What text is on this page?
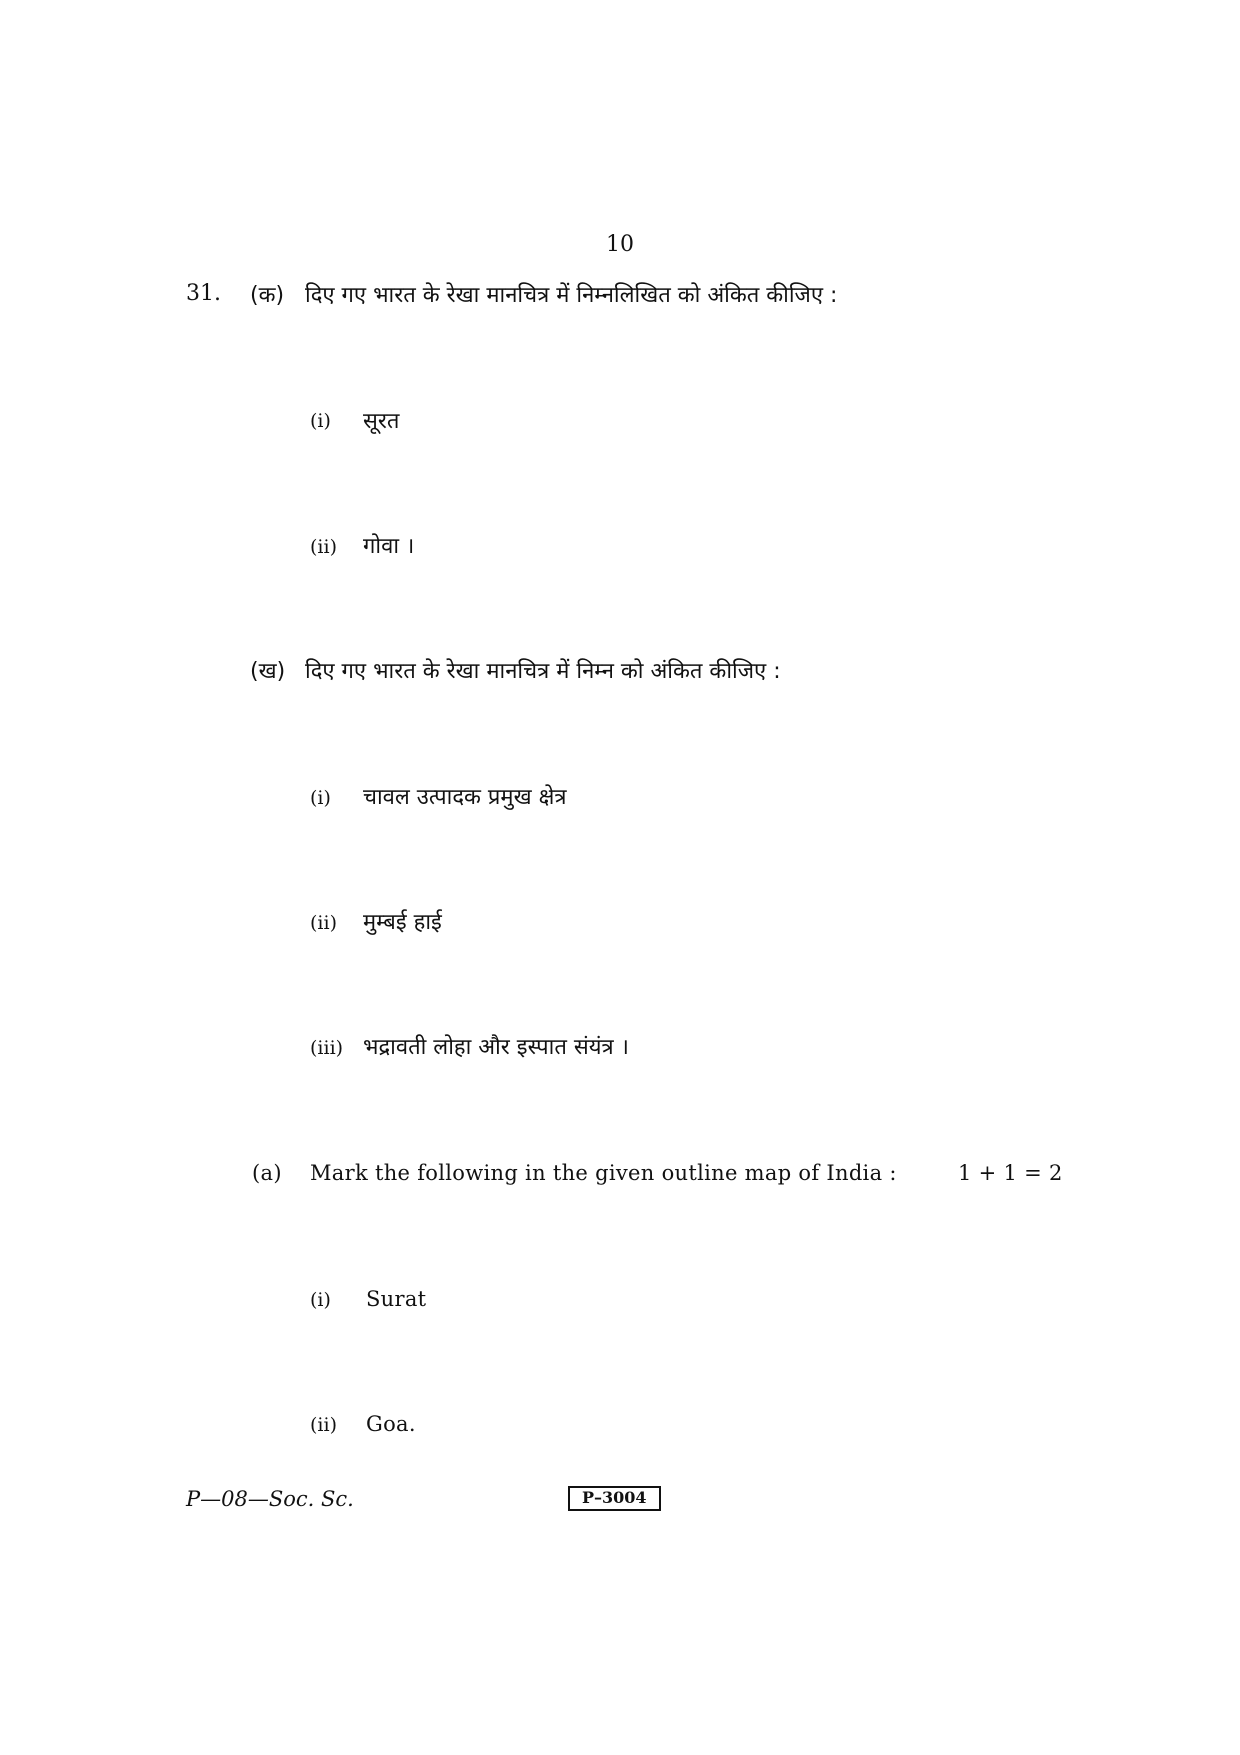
10
31. (क) दिए गए भारत के रेखा मानचित्र में निम्नलिखित को अंकित कीजिए :
(i) सूरत
(ii) गोवा ।
(ख) दिए गए भारत के रेखा मानचित्र में निम्न को अंकित कीजिए :
(i) चावल उत्पादक प्रमुख क्षेत्र
(ii) मुम्बई हाई
(iii) भद्रावती लोहा और इस्पात संयंत्र ।
(a) Mark the following in the given outline map of India :	1 + 1 = 2
(i) Surat
(ii) Goa.
P—08—Soc. Sc.	P–3004
